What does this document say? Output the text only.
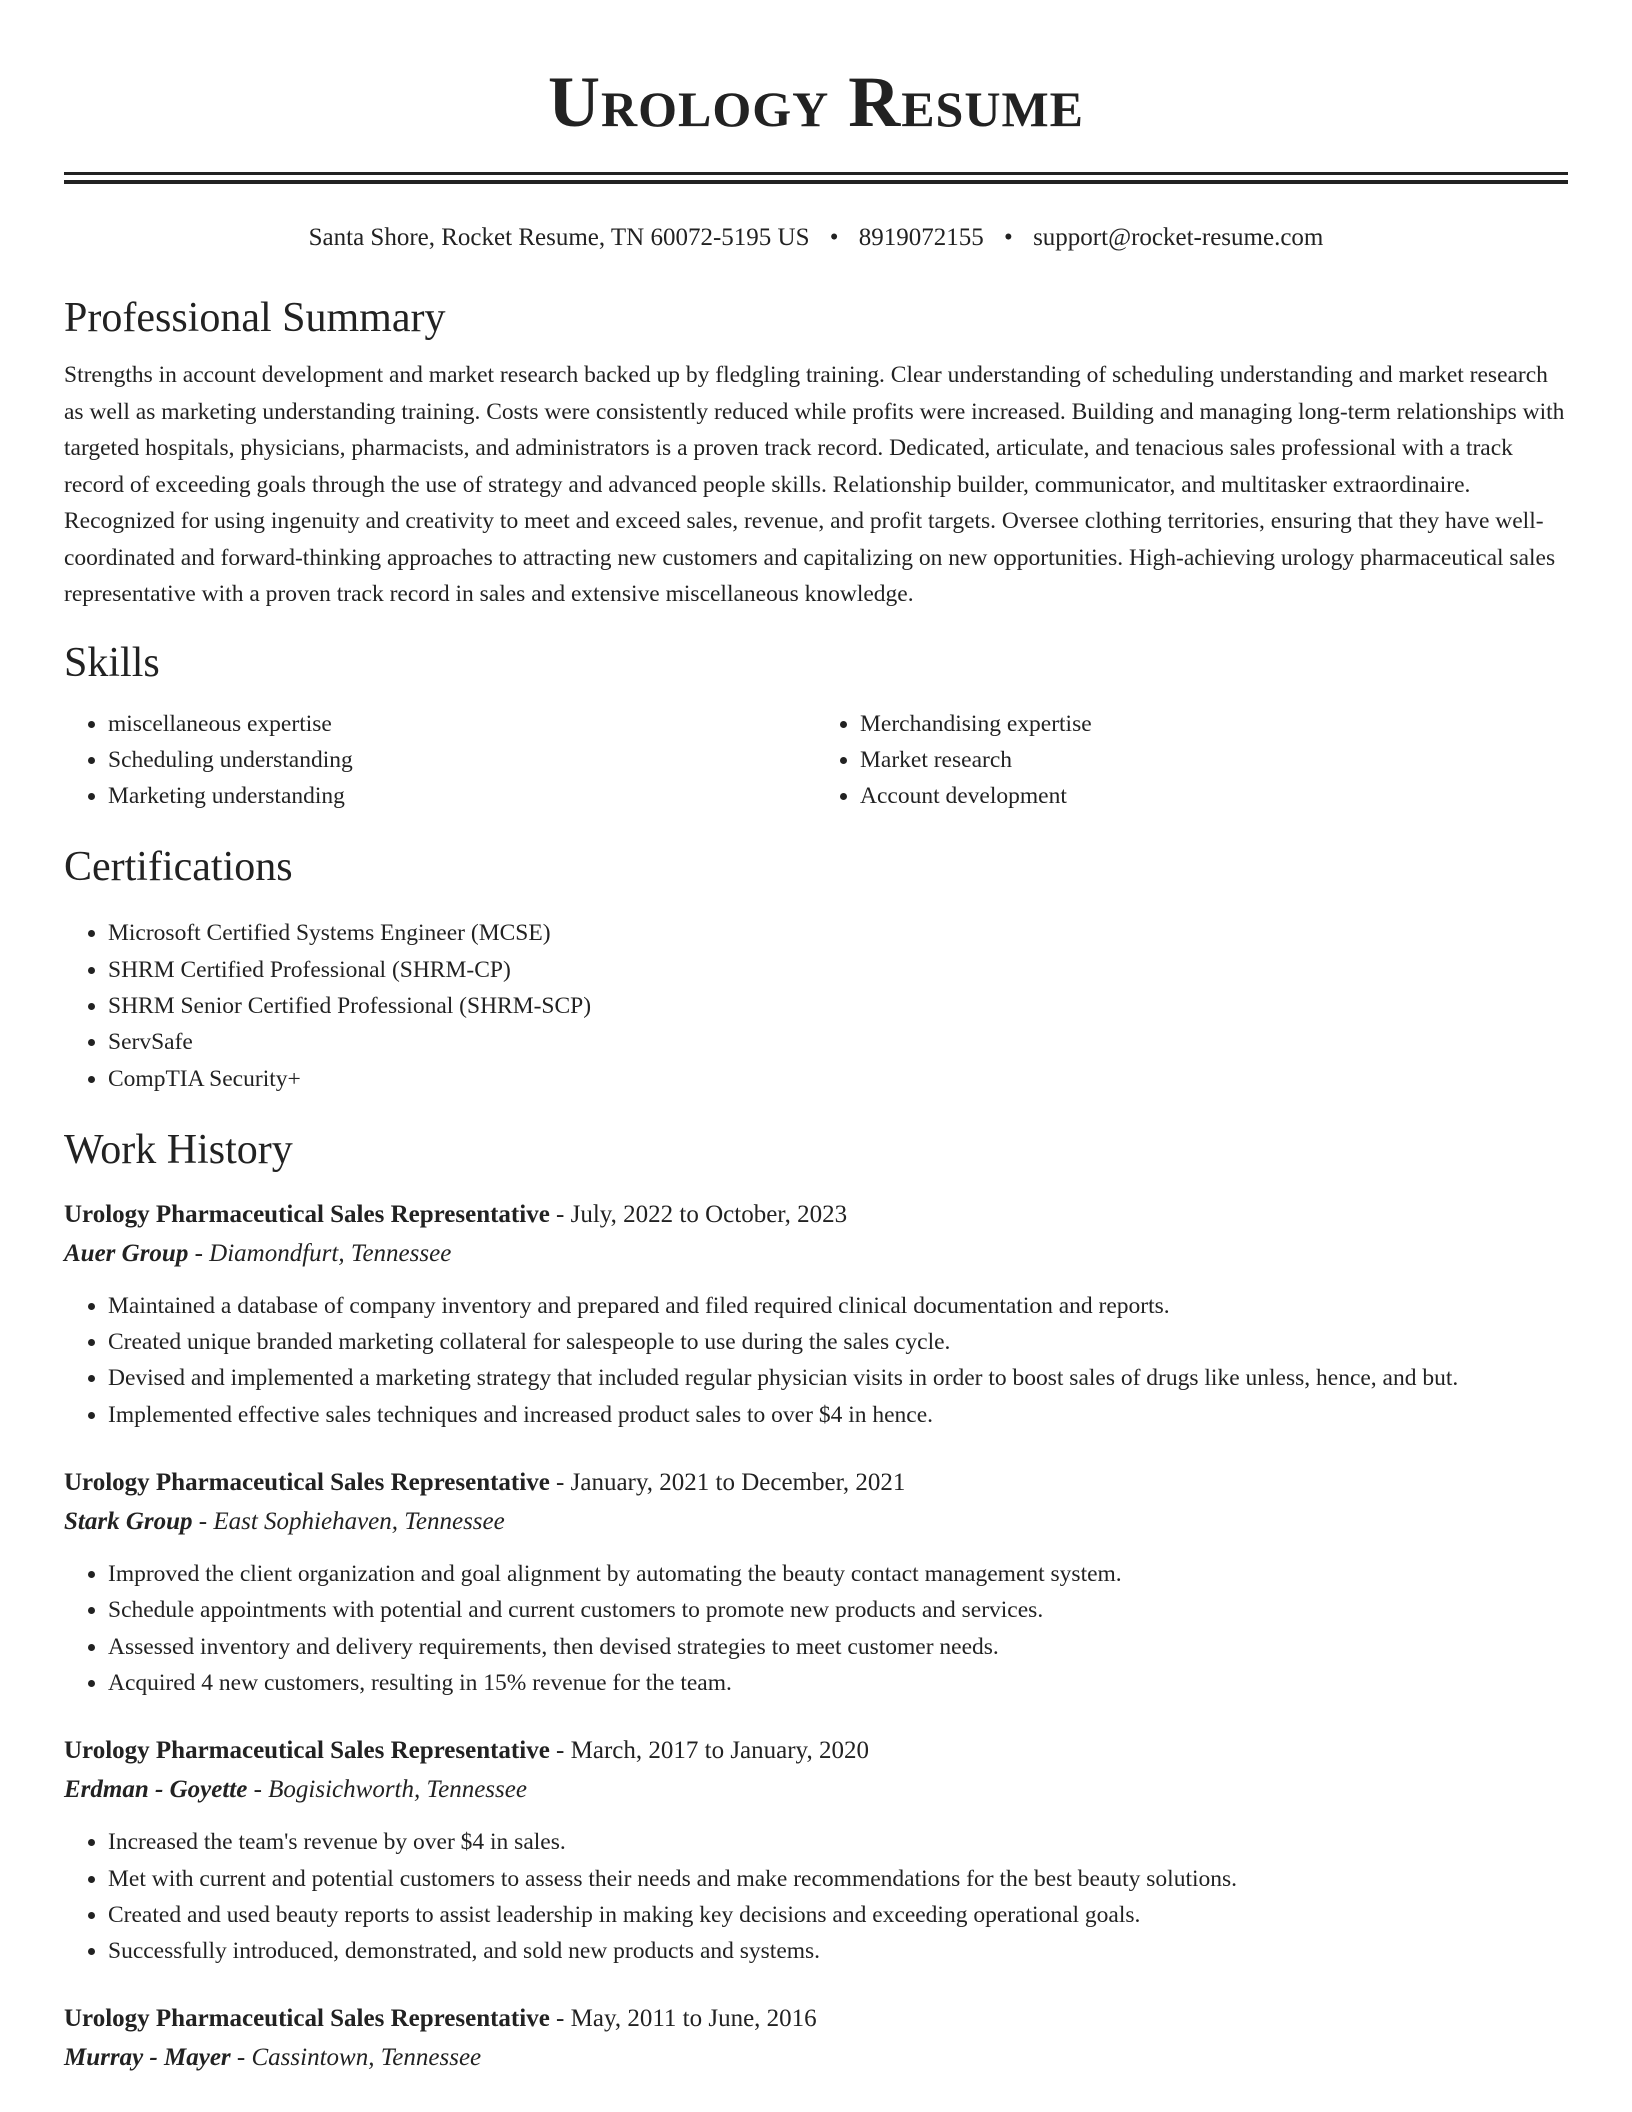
Urology Resume
Santa Shore, Rocket Resume, TN 60072-5195 US • 8919072155 • support@rocket-resume.com
Professional Summary
Strengths in account development and market research backed up by fledgling training. Clear understanding of scheduling understanding and market research as well as marketing understanding training. Costs were consistently reduced while profits were increased. Building and managing long-term relationships with targeted hospitals, physicians, pharmacists, and administrators is a proven track record. Dedicated, articulate, and tenacious sales professional with a track record of exceeding goals through the use of strategy and advanced people skills. Relationship builder, communicator, and multitasker extraordinaire. Recognized for using ingenuity and creativity to meet and exceed sales, revenue, and profit targets. Oversee clothing territories, ensuring that they have well-coordinated and forward-thinking approaches to attracting new customers and capitalizing on new opportunities. High-achieving urology pharmaceutical sales representative with a proven track record in sales and extensive miscellaneous knowledge.
Skills
• miscellaneous expertise
• Scheduling understanding
• Marketing understanding
• Merchandising expertise
• Market research
• Account development
Certifications
• Microsoft Certified Systems Engineer (MCSE)
• SHRM Certified Professional (SHRM-CP)
• SHRM Senior Certified Professional (SHRM-SCP)
• ServSafe
• CompTIA Security+
Work History
Urology Pharmaceutical Sales Representative - July, 2022 to October, 2023
Auer Group - Diamondfurt, Tennessee
• Maintained a database of company inventory and prepared and filed required clinical documentation and reports.
• Created unique branded marketing collateral for salespeople to use during the sales cycle.
• Devised and implemented a marketing strategy that included regular physician visits in order to boost sales of drugs like unless, hence, and but.
• Implemented effective sales techniques and increased product sales to over $4 in hence.
Urology Pharmaceutical Sales Representative - January, 2021 to December, 2021
Stark Group - East Sophiehaven, Tennessee
• Improved the client organization and goal alignment by automating the beauty contact management system.
• Schedule appointments with potential and current customers to promote new products and services.
• Assessed inventory and delivery requirements, then devised strategies to meet customer needs.
• Acquired 4 new customers, resulting in 15% revenue for the team.
Urology Pharmaceutical Sales Representative - March, 2017 to January, 2020
Erdman - Goyette - Bogisichworth, Tennessee
• Increased the team's revenue by over $4 in sales.
• Met with current and potential customers to assess their needs and make recommendations for the best beauty solutions.
• Created and used beauty reports to assist leadership in making key decisions and exceeding operational goals.
• Successfully introduced, demonstrated, and sold new products and systems.
Urology Pharmaceutical Sales Representative - May, 2011 to June, 2016
Murray - Mayer - Cassintown, Tennessee
